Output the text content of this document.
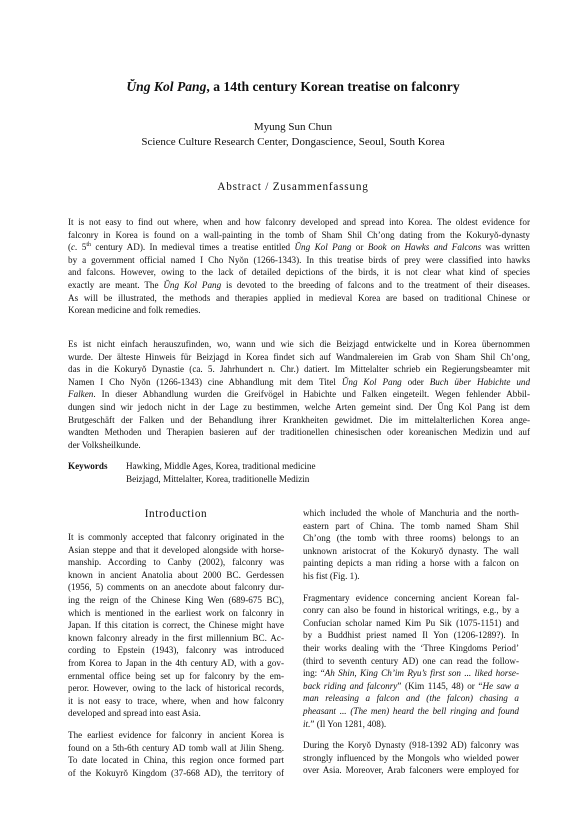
Ŭng Kol Pang, a 14th century Korean treatise on falconry
Myung Sun Chun
Science Culture Research Center, Dongascience, Seoul, South Korea
Abstract / Zusammenfassung
It is not easy to find out where, when and how falconry developed and spread into Korea. The oldest evidence for
falconry in Korea is found on a wall-painting in the tomb of Sham Shil Ch’ong dating from the Kokuryŏ-dynasty
(c. 5th century AD). In medieval times a treatise entitled Ŭng Kol Pang or Book on Hawks and Falcons was written
by a government official named I Cho Nyŏn (1266-1343). In this treatise birds of prey were classified into hawks
and falcons. However, owing to the lack of detailed depictions of the birds, it is not clear what kind of species
exactly are meant. The Ŭng Kol Pang is devoted to the breeding of falcons and to the treatment of their diseases.
As will be illustrated, the methods and therapies applied in medieval Korea are based on traditional Chinese or
Korean medicine and folk remedies.
Es ist nicht einfach herauszufinden, wo, wann und wie sich die Beizjagd entwickelte und in Korea übernommen
wurde. Der älteste Hinweis für Beizjagd in Korea findet sich auf Wandmalereien im Grab von Sham Shil Ch’ong,
das in die Kokuryŏ Dynastie (ca. 5. Jahrhundert n. Chr.) datiert. Im Mittelalter schrieb ein Regierungsbeamter mit
Namen I Cho Nyŏn (1266-1343) cine Abhandlung mit dem Titel Ŭng Kol Pang oder Buch über Habichte und
Falken. In dieser Abhandlung wurden die Greifvögel in Habichte und Falken eingeteilt. Wegen fehlender Abbil-
dungen sind wir jedoch nicht in der Lage zu bestimmen, welche Arten gemeint sind. Der Ŭng Kol Pang ist dem
Brutgeschäft der Falken und der Behandlung ihrer Krankheiten gewidmet. Die im mittelalterlichen Korea ange-
wandten Methoden und Therapien basieren auf der traditionellen chinesischen oder koreanischen Medizin und auf
der Volksheilkunde.
Keywords Hawking, Middle Ages, Korea, traditional medicine
Beizjagd, Mittelalter, Korea, traditionelle Medizin
Introduction
It is commonly accepted that falconry originated in the
Asian steppe and that it developed alongside with horse-
manship. According to Canby (2002), falconry was
known in ancient Anatolia about 2000 BC. Gerdessen
(1956, 5) comments on an anecdote about falconry dur-
ing the reign of the Chinese King Wen (689-675 BC),
which is mentioned in the earliest work on falconry in
Japan. If this citation is correct, the Chinese might have
known falconry already in the first millennium BC. Ac-
cording to Epstein (1943), falconry was introduced
from Korea to Japan in the 4th century AD, with a gov-
ernmental office being set up for falconry by the em-
peror. However, owing to the lack of historical records,
it is not easy to trace, where, when and how falconry
developed and spread into east Asia.
The earliest evidence for falconry in ancient Korea is
found on a 5th-6th century AD tomb wall at Jilin Sheng.
To date located in China, this region once formed part
of the Kokuyrŏ Kingdom (37-668 AD), the territory of
which included the whole of Manchuria and the north-
eastern part of China. The tomb named Sham Shil
Ch’ong (the tomb with three rooms) belongs to an
unknown aristocrat of the Kokuryŏ dynasty. The wall
painting depicts a man riding a horse with a falcon on
his fist (Fig. 1).
Fragmentary evidence concerning ancient Korean fal-
conry can also be found in historical writings, e.g., by a
Confucian scholar named Kim Pu Sik (1075-1151) and
by a Buddhist priest named Il Yon (1206-1289?). In
their works dealing with the ‘Three Kingdoms Period’
(third to seventh century AD) one can read the follow-
ing: “Ah Shin, King Ch’im Ryu’s first son ... liked horse-
back riding and falconry” (Kim 1145, 48) or “He saw a
man releasing a falcon and (the falcon) chasing a
pheasant ... (The men) heard the bell ringing and found
it.” (Il Yon 1281, 408).
During the Koryŏ Dynasty (918-1392 AD) falconry was
strongly influenced by the Mongols who wielded power
over Asia. Moreover, Arab falconers were employed for
